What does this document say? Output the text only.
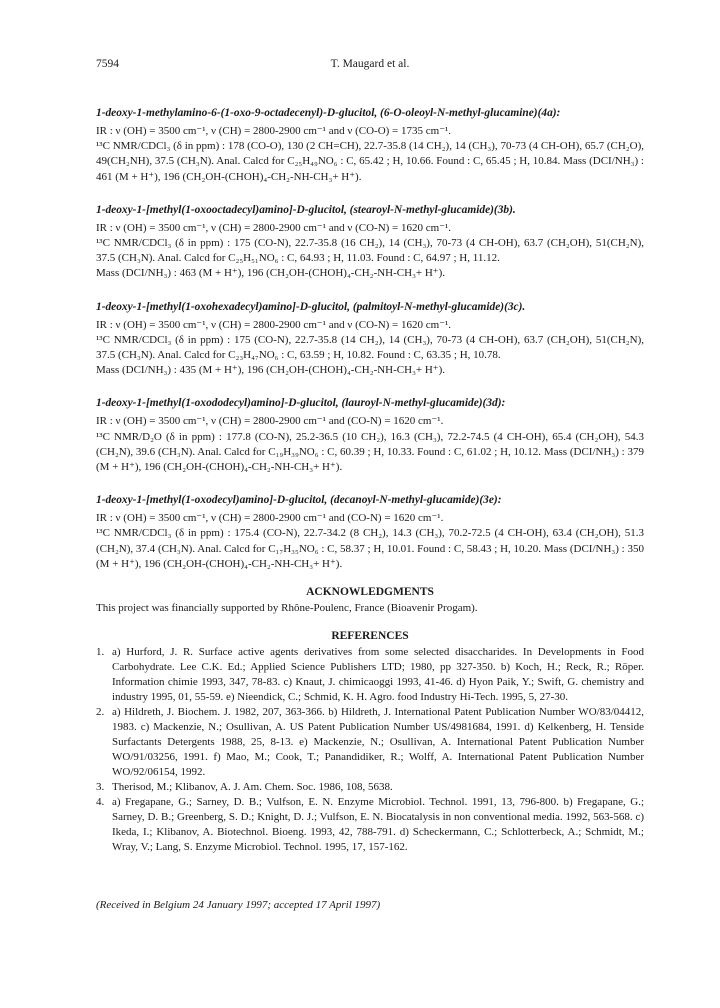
7594	T. Maugard et al.

1-deoxy-1-methylamino-6-(1-oxo-9-octadecenyl)-D-glucitol, (6-O-oleoyl-N-methyl-glucamine)(4a):

IR : ν (OH) = 3500 cm⁻¹, ν (CH) = 2800-2900 cm⁻¹ and ν (CO-O) = 1735 cm⁻¹.

¹³C NMR/CDCl₃ (δ in ppm) : 178 (CO-O), 130 (2 CH=CH), 22.7-35.8 (14 CH₂), 14 (CH₃), 70-73 (4 CH-OH), 65.7 (CH₂O), 49(CH₂NH), 37.5 (CH₃N). Anal. Calcd for C₂₅H₄₉NO₆ : C, 65.42 ; H, 10.66. Found : C, 65.45 ; H, 10.84. Mass (DCI/NH₃) : 461 (M + H⁺), 196 (CH₂OH-(CHOH)₄-CH₂-NH-CH₃+ H⁺).

1-deoxy-1-[methyl(1-oxooctadecyl)amino]-D-glucitol, (stearoyl-N-methyl-glucamide)(3b).

IR : ν (OH) = 3500 cm⁻¹, ν (CH) = 2800-2900 cm⁻¹ and ν (CO-N) = 1620 cm⁻¹.

¹³C NMR/CDCl₃ (δ in ppm) : 175 (CO-N), 22.7-35.8 (16 CH₂), 14 (CH₃), 70-73 (4 CH-OH), 63.7 (CH₂OH), 51(CH₂N), 37.5 (CH₃N). Anal. Calcd for C₂₅H₅₁NO₆ : C, 64.93 ; H, 11.03. Found : C, 64.97 ; H, 11.12.

Mass (DCI/NH₃) : 463 (M + H⁺), 196 (CH₂OH-(CHOH)₄-CH₂-NH-CH₃+ H⁺).

1-deoxy-1-[methyl(1-oxohexadecyl)amino]-D-glucitol, (palmitoyl-N-methyl-glucamide)(3c).

IR : ν (OH) = 3500 cm⁻¹, ν (CH) = 2800-2900 cm⁻¹ and ν (CO-N) = 1620 cm⁻¹.

¹³C NMR/CDCl₃ (δ in ppm) : 175 (CO-N), 22.7-35.8 (14 CH₂), 14 (CH₃), 70-73 (4 CH-OH), 63.7 (CH₂OH), 51(CH₂N), 37.5 (CH₃N). Anal. Calcd for C₂₃H₄₇NO₆ : C, 63.59 ; H, 10.82. Found : C, 63.35 ; H, 10.78.

Mass (DCI/NH₃) : 435 (M + H⁺), 196 (CH₂OH-(CHOH)₄-CH₂-NH-CH₃+ H⁺).

1-deoxy-1-[methyl(1-oxododecyl)amino]-D-glucitol, (lauroyl-N-methyl-glucamide)(3d):

IR : ν (OH) = 3500 cm⁻¹, ν (CH) = 2800-2900 cm⁻¹ and (CO-N) = 1620 cm⁻¹.

¹³C NMR/D₂O (δ in ppm) : 177.8 (CO-N), 25.2-36.5 (10 CH₂), 16.3 (CH₃), 72.2-74.5 (4 CH-OH), 65.4 (CH₂OH), 54.3 (CH₂N), 39.6 (CH₃N). Anal. Calcd for C₁₉H₃₉NO₆ : C, 60.39 ; H, 10.33. Found : C, 61.02 ; H, 10.12. Mass (DCI/NH₃) : 379 (M + H⁺), 196 (CH₂OH-(CHOH)₄-CH₂-NH-CH₃+ H⁺).

1-deoxy-1-[methyl(1-oxodecyl)amino]-D-glucitol, (decanoyl-N-methyl-glucamide)(3e):

IR : ν (OH) = 3500 cm⁻¹, ν (CH) = 2800-2900 cm⁻¹ and (CO-N) = 1620 cm⁻¹.

¹³C NMR/CDCl₃ (δ in ppm) : 175.4 (CO-N), 22.7-34.2 (8 CH₂), 14.3 (CH₃), 70.2-72.5 (4 CH-OH), 63.4 (CH₂OH), 51.3 (CH₂N), 37.4 (CH₃N). Anal. Calcd for C₁₇H₃₅NO₆ : C, 58.37 ; H, 10.01. Found : C, 58.43 ; H, 10.20. Mass (DCI/NH₃) : 350 (M + H⁺), 196 (CH₂OH-(CHOH)₄-CH₂-NH-CH₃+ H⁺).

ACKNOWLEDGMENTS

This project was financially supported by Rhône-Poulenc, France (Bioavenir Progam).

REFERENCES
1. a) Hurford, J. R. Surface active agents derivatives from some selected disaccharides. In Developments in Food Carbohydrate. Lee C.K. Ed.; Applied Science Publishers LTD; 1980, pp 327-350. b) Koch, H.; Reck, R.; Röper. Information chimie 1993, 347, 78-83. c) Knaut, J. chimicaoggi 1993, 41-46. d) Hyon Paik, Y.; Swift, G. chemistry and industry 1995, 01, 55-59. e) Nieendick, C.; Schmid, K. H. Agro. food Industry Hi-Tech. 1995, 5, 27-30.
2. a) Hildreth, J. Biochem. J. 1982, 207, 363-366. b) Hildreth, J. International Patent Publication Number WO/83/04412, 1983. c) Mackenzie, N.; Osullivan, A. US Patent Publication Number US/4981684, 1991. d) Kelkenberg, H. Tenside Surfactants Detergents 1988, 25, 8-13. e) Mackenzie, N.; Osullivan, A. International Patent Publication Number WO/91/03256, 1991. f) Mao, M.; Cook, T.; Panandidiker, R.; Wolff, A. International Patent Publication Number WO/92/06154, 1992.
3. Therisod, M.; Klibanov, A. J. Am. Chem. Soc. 1986, 108, 5638.
4. a) Fregapane, G.; Sarney, D. B.; Vulfson, E. N. Enzyme Microbiol. Technol. 1991, 13, 796-800. b) Fregapane, G.; Sarney, D. B.; Greenberg, S. D.; Knight, D. J.; Vulfson, E. N. Biocatalysis in non conventional media. 1992, 563-568. c) Ikeda, I.; Klibanov, A. Biotechnol. Bioeng. 1993, 42, 788-791. d) Scheckermann, C.; Schlotterbeck, A.; Schmidt, M.; Wray, V.; Lang, S. Enzyme Microbiol. Technol. 1995, 17, 157-162.
(Received in Belgium 24 January 1997; accepted 17 April 1997)
